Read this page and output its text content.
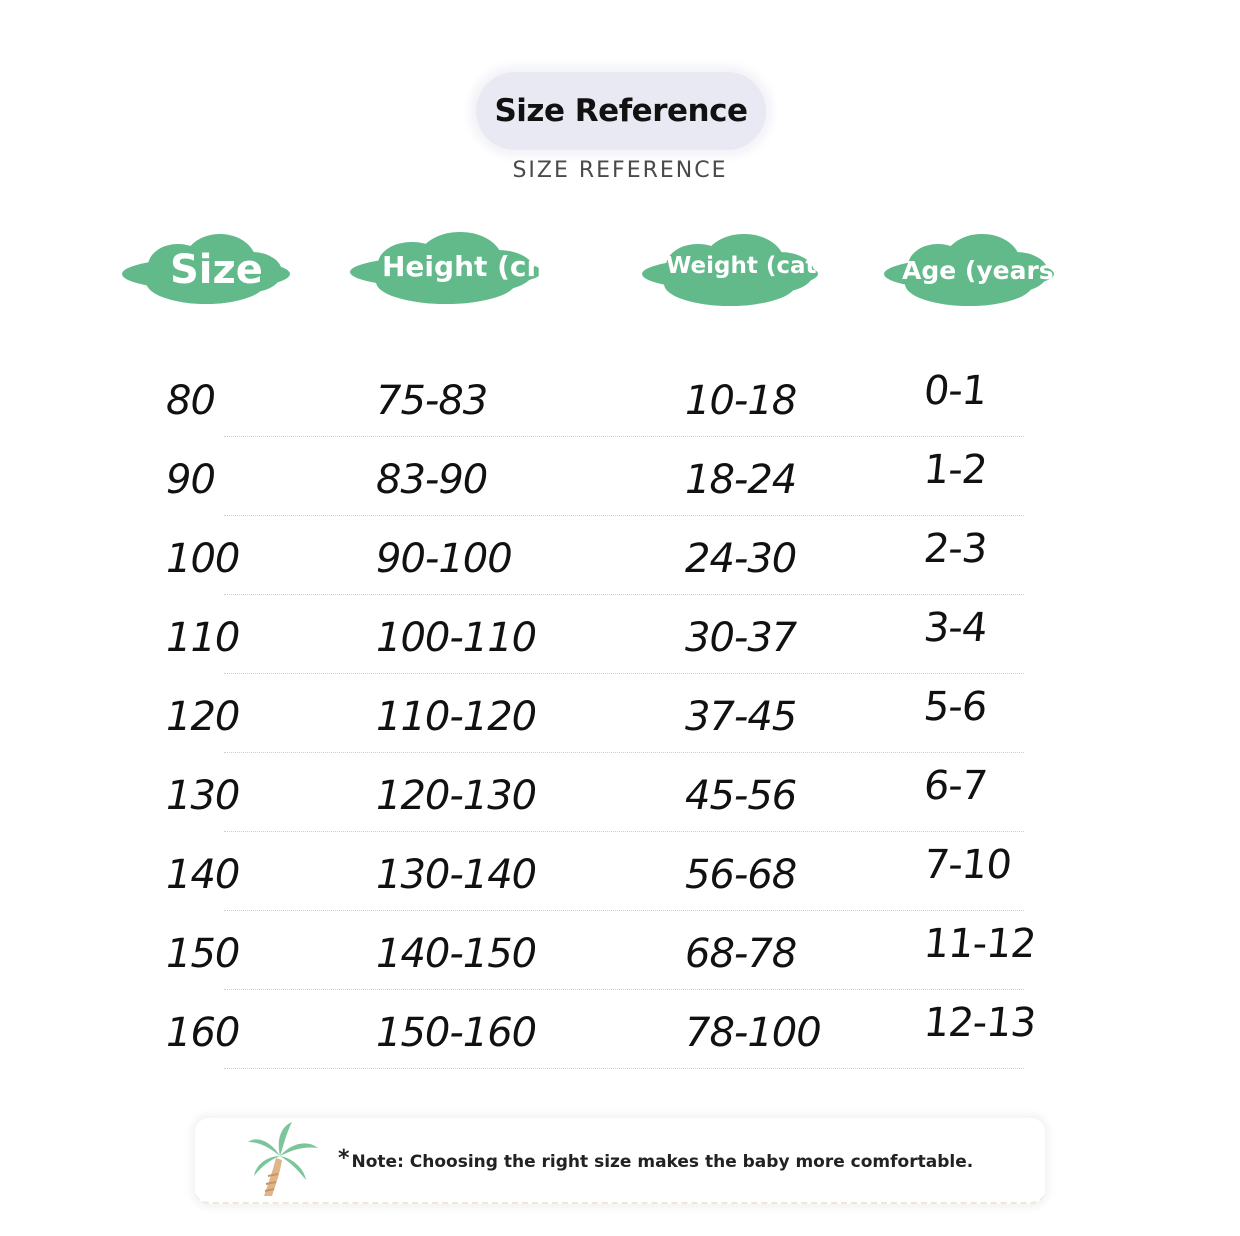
Size Reference
SIZE REFERENCE
Size	Height (cm)	Weight (catti	Age (years)
80	75-83	10-18	0-1
90	83-90	18-24	1-2
100	90-100	24-30	2-3
110	100-110	30-37	3-4
120	110-120	37-45	5-6
130	120-130	45-56	6-7
140	130-140	56-68	7-10
150	140-150	68-78	11-12
160	150-160	78-100	12-13
* Note: Choosing the right size makes the baby more comfortable.
